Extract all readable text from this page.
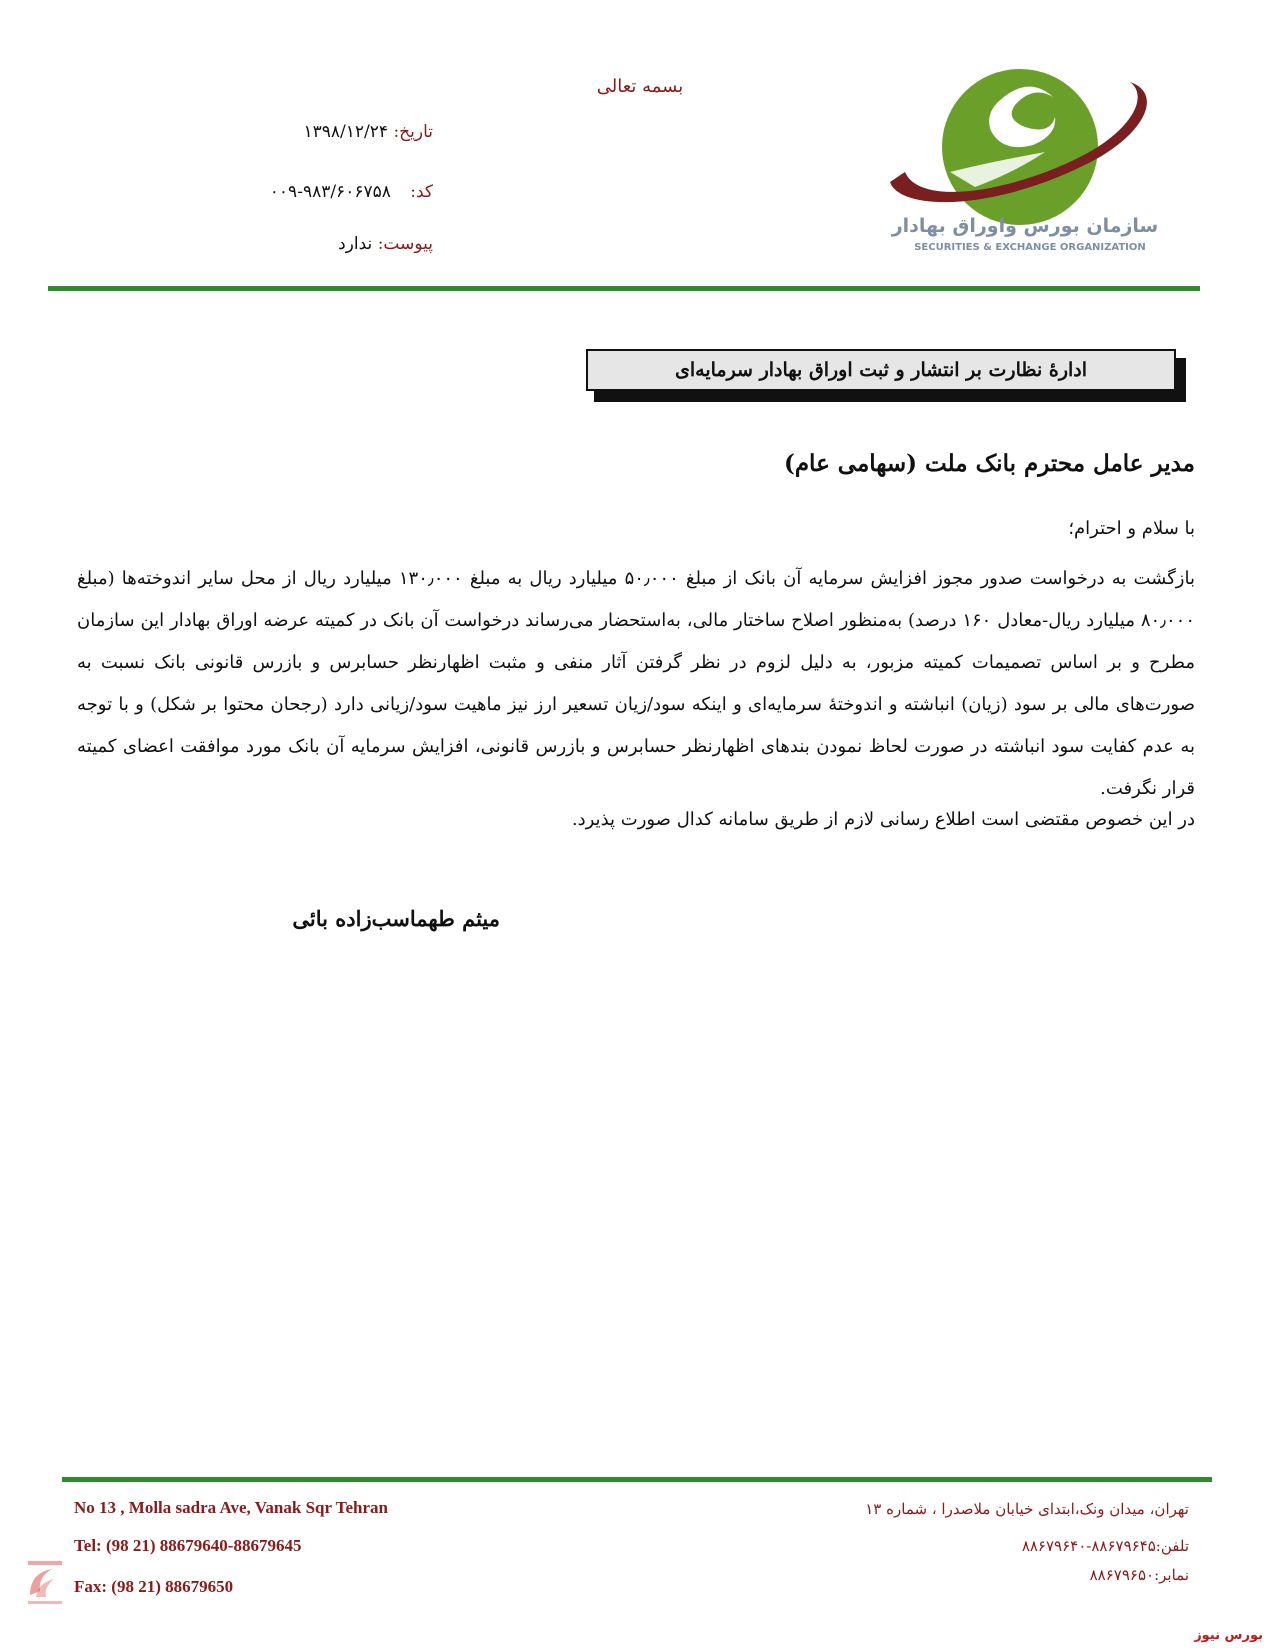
سازمان بورس واوراق بهادار
SECURITIES & EXCHANGE ORGANIZATION
بسمه تعالی
تاریخ: ۱۳۹۸/۱۲/۲۴
کد: ۹۸۳/۶۰۶۷۵۸-۰۰۹
پیوست: ندارد
ادارۀ نظارت بر انتشار و ثبت اوراق بهادار سرمایه‌ای
مدیر عامل محترم بانک ملت (سهامی عام)
با سلام و احترام؛
بازگشت به درخواست صدور مجوز افزایش سرمایه آن بانک از مبلغ ۵۰٫۰۰۰ میلیارد ریال به مبلغ ۱۳۰٫۰۰۰ میلیارد ریال از محل سایر اندوخته‌ها (مبلغ ۸۰٫۰۰۰ میلیارد ریال-معادل ۱۶۰ درصد) به‌منظور اصلاح ساختار مالی، به‌استحضار می‌رساند درخواست آن بانک در کمیته عرضه اوراق بهادار این سازمان مطرح و بر اساس تصمیمات کمیته مزبور، به دلیل لزوم در نظر گرفتن آثار منفی و مثبت اظهارنظر حسابرس و بازرس قانونی بانک نسبت به صورت‌های مالی بر سود (زیان) انباشته و اندوختۀ سرمایه‌ای و اینکه سود/زیان تسعیر ارز نیز ماهیت سود/زیانی دارد (رجحان محتوا بر شکل) و با توجه به عدم کفایت سود انباشته در صورت لحاظ نمودن بندهای اظهارنظر حسابرس و بازرس قانونی، افزایش سرمایه آن بانک مورد موافقت اعضای کمیته قرار نگرفت.
در این خصوص مقتضی است اطلاع رسانی لازم از طریق سامانه کدال صورت پذیرد.
میثم طهماسب‌زاده بائی
No 13 , Molla sadra Ave, Vanak Sqr Tehran
Tel: (98 21) 88679640-88679645
Fax: (98 21) 88679650
تهران، میدان ونک،ابتدای خیابان ملاصدرا ، شماره ۱۳
تلفن:۸۸۶۷۹۶۴۵-۸۸۶۷۹۶۴۰
نمابر:۸۸۶۷۹۶۵۰
بورس نیوز
